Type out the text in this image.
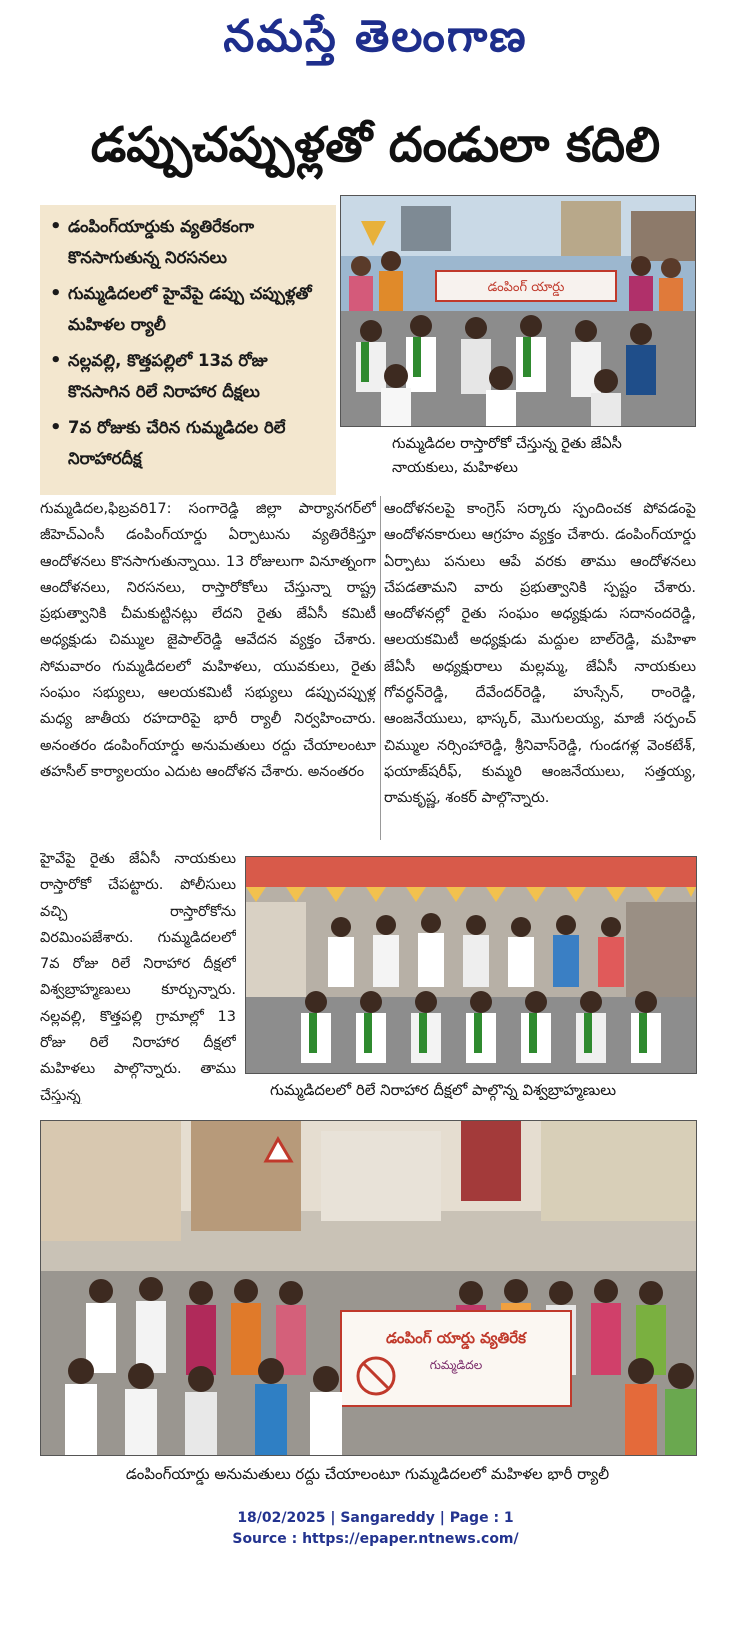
నమస్తే తెలంగాణ
డప్పుచప్పుళ్లతో దండులా కదిలి
• డంపింగ్‌యార్డుకు వ్యతిరేకంగా కొనసాగుతున్న నిరసనలు
• గుమ్మడిదలలో హైవేపై డప్పు చప్పుళ్లతో మహిళల ర్యాలీ
• నల్లవల్లి, కొత్తపల్లిలో 13వ రోజు కొనసాగిన రిలే నిరాహార దీక్షలు
• 7వ రోజుకు చేరిన గుమ్మడిదల రిలే నిరాహారదీక్ష
డంపింగ్ యార్డు
గుమ్మడిదల రాస్తారోకో చేస్తున్న రైతు జేఏసీ నాయకులు, మహిళలు
గుమ్మడిదల,ఫిబ్రవరి17: సంగారెడ్డి జిల్లా పార్యానగర్‌లో జీహెచ్‌ఎంసీ డంపింగ్‌యార్డు ఏర్పాటును వ్యతిరేకిస్తూ ఆందోళనలు కొనసాగుతున్నాయి. 13 రోజులుగా వినూత్నంగా ఆందోళనలు, నిరసనలు, రాస్తారోకోలు చేస్తున్నా రాష్ట్ర ప్రభుత్వానికి చీమకుట్టినట్లు లేదని రైతు జేఏసీ కమిటీ అధ్యక్షుడు చిమ్ముల జైపాల్‌రెడ్డి ఆవేదన వ్యక్తం చేశారు. సోమవారం గుమ్మడిదలలో మహిళలు, యువకులు, రైతు సంఘం సభ్యులు, ఆలయకమిటీ సభ్యులు డప్పుచప్పుళ్ల మధ్య జాతీయ రహదారిపై భారీ ర్యాలీ నిర్వహించారు. అనంతరం డంపింగ్‌యార్డు అనుమతులు రద్దు చేయాలంటూ తహసీల్ కార్యాలయం ఎదుట ఆందోళన చేశారు. అనంతరం
ఆందోళనలపై కాంగ్రెస్ సర్కారు స్పందించక పోవడంపై ఆందోళనకారులు ఆగ్రహం వ్యక్తం చేశారు. డంపింగ్‌యార్డు ఏర్పాటు పనులు ఆపే వరకు తాము ఆందోళనలు చేపడతామని వారు ప్రభుత్వానికి స్పష్టం చేశారు. ఆందోళనల్లో రైతు సంఘం అధ్యక్షుడు సదానందరెడ్డి, ఆలయకమిటీ అధ్యక్షుడు మద్దుల బాల్‌రెడ్డి, మహిళా జేఏసీ అధ్యక్షురాలు మల్లమ్మ, జేఏసీ నాయకులు గోవర్ధన్‌రెడ్డి, దేవేందర్‌రెడ్డి, హుస్సేన్, రాంరెడ్డి, ఆంజనేయులు, భాస్కర్, మొగులయ్య, మాజీ సర్పంచ్ చిమ్ముల నర్సింహారెడ్డి, శ్రీనివాస్‌రెడ్డి, గుండగళ్ల వెంకటేశ్, ఫయాజ్‌షరీఫ్, కుమ్మరి ఆంజనేయులు, సత్తయ్య, రామకృష్ణ, శంకర్ పాల్గొన్నారు.
హైవేపై రైతు జేఏసీ నాయకులు రాస్తారోకో చేపట్టారు. పోలీసులు వచ్చి రాస్తారోకోను విరమింపజేశారు. గుమ్మడిదలలో 7వ రోజు రిలే నిరాహార దీక్షలో విశ్వబ్రాహ్మణులు కూర్చున్నారు. నల్లవల్లి, కొత్తపల్లి గ్రామాల్లో 13 రోజు రిలే నిరాహార దీక్షలో మహిళలు పాల్గొన్నారు. తాము చేస్తున్న	గుమ్మడిదలలో రిలే నిరాహార దీక్షలో పాల్గొన్న విశ్వబ్రాహ్మణులు
డంపింగ్ యార్డు వ్యతిరేక
గుమ్మడిదల
డంపింగ్‌యార్డు అనుమతులు రద్దు చేయాలంటూ గుమ్మడిదలలో మహిళల భారీ ర్యాలీ
18/02/2025 | Sangareddy | Page : 1
Source : https://epaper.ntnews.com/
